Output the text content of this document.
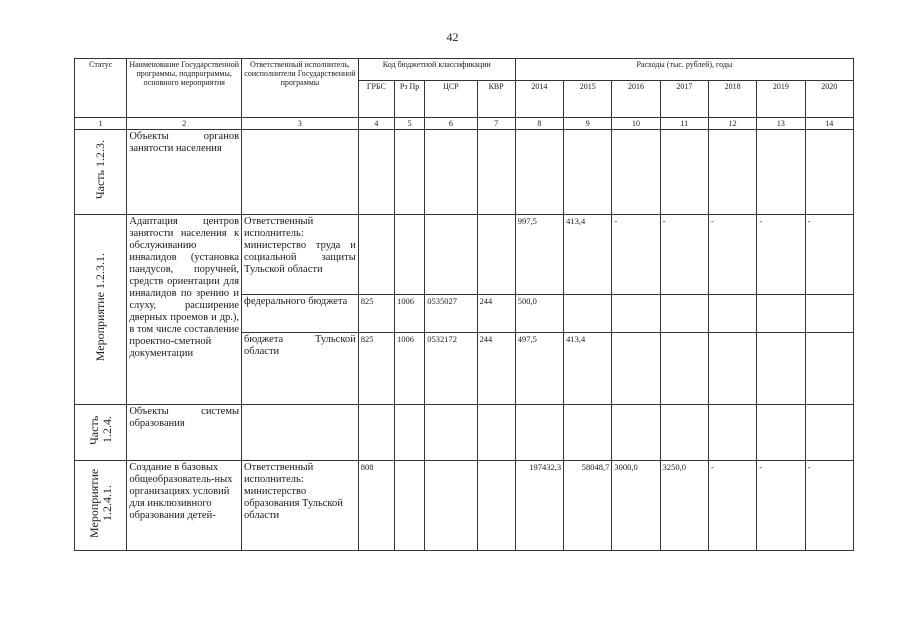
42
Статус	Наименование Государственной программы, подпрограммы, основного мероприятия	Ответственный исполнитель, соисполнители Государственной программы	Код бюджетной классификации				Расходы (тыс. рублей), годы						
			ГРБС	Рз Пр	ЦСР	КВР	2014	2015	2016	2017	2018	2019	2020
1	2	3	4	5	6	7	8	9	10	11	12	13	14
Часть 1.2.3.	Объекты органов занятости населения												
Мероприятие 1.2.3.1.	Адаптация центров занятости населения к обслуживанию инвалидов (установка пандусов, поручней, средств ориентации для инвалидов по зрению и слуху, расширение дверных проемов и др.), в том числе составление проектно-сметной документации	Ответственный исполнитель: министерство труда и социальной защиты Тульской области					997,5	413,4	-	-	-	-	-
		федерального бюджета	825	1006	0535027	244	500,0						
		бюджета Тульской области	825	1006	0532172	244	497,5	413,4					
Часть 1.2.4.	Объекты системы образования												
Мероприятие 1.2.4.1.	Создание в базовых общеобразователь-ных организациях условий для инклюзивного образования детей-	Ответственный исполнитель: министерство образования Тульской области	808				197432,3	58048,7	3000,0	3250,0	-	-	-
